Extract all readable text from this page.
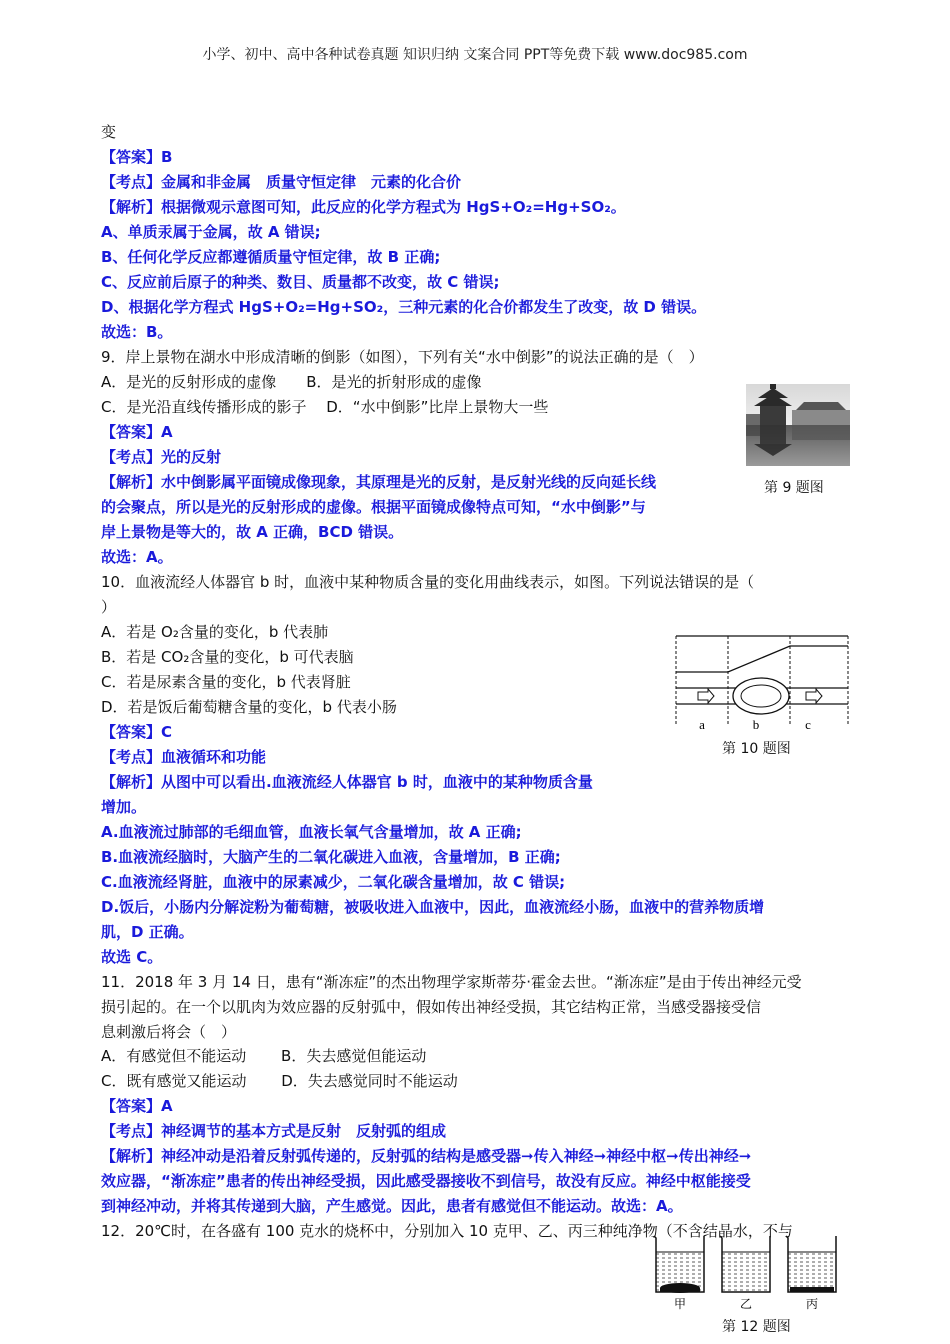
小学、初中、高中各种试卷真题 知识归纳 文案合同 PPT等免费下载 www.doc985.com
变
【答案】B
【考点】金属和非金属　质量守恒定律　元素的化合价
【解析】根据微观示意图可知，此反应的化学方程式为 HgS+O₂=Hg+SO₂。
A、单质汞属于金属，故 A 错误;
B、任何化学反应都遵循质量守恒定律，故 B 正确;
C、反应前后原子的种类、数目、质量都不改变，故 C 错误;
D、根据化学方程式 HgS+O₂=Hg+SO₂，三种元素的化合价都发生了改变，故 D 错误。
故选：B。
9．岸上景物在湖水中形成清晰的倒影（如图），下列有关“水中倒影”的说法正确的是（　）
A．是光的反射形成的虚像　　B．是光的折射形成的虚像
C．是光沿直线传播形成的影子　 D．“水中倒影”比岸上景物大一些
【答案】A
【考点】光的反射
【解析】水中倒影属平面镜成像现象，其原理是光的反射，是反射光线的反向延长线
的会聚点，所以是光的反射形成的虚像。根据平面镜成像特点可知，“水中倒影”与
岸上景物是等大的，故 A 正确，BCD 错误。
故选：A。
10．血液流经人体器官 b 时，血液中某种物质含量的变化用曲线表示，如图。下列说法错误的是（
）
A．若是 O₂含量的变化，b 代表肺
B．若是 CO₂含量的变化，b 可代表脑
C．若是尿素含量的变化，b 代表肾脏
D．若是饭后葡萄糖含量的变化，b 代表小肠
【答案】C
【考点】血液循环和功能
【解析】从图中可以看出.血液流经人体器官 b 时，血液中的某种物质含量
增加。
A.血液流过肺部的毛细血管，血液长氧气含量增加，故 A 正确;
B.血液流经脑时，大脑产生的二氧化碳进入血液，含量增加，B 正确;
C.血液流经肾脏，血液中的尿素减少，二氧化碳含量增加，故 C 错误;
D.饭后，小肠内分解淀粉为葡萄糖，被吸收进入血液中，因此，血液流经小肠，血液中的营养物质增
肌，D 正确。
故选 C。
11．2018 年 3 月 14 日，患有“渐冻症”的杰出物理学家斯蒂芬·霍金去世。“渐冻症”是由于传出神经元受
损引起的。在一个以肌肉为效应器的反射弧中，假如传出神经受损，其它结构正常，当感受器接受信
息刺激后将会（　）
A．有感觉但不能运动　　 B．失去感觉但能运动
C．既有感觉又能运动　　 D．失去感觉同时不能运动
【答案】A
【考点】神经调节的基本方式是反射　反射弧的组成
【解析】神经冲动是沿着反射弧传递的，反射弧的结构是感受器➞传入神经➞神经中枢➞传出神经➞
效应器，“渐冻症”患者的传出神经受损，因此感受器接收不到信号，故没有反应。神经中枢能接受
到神经冲动，并将其传递到大脑，产生感觉。因此，患者有感觉但不能运动。故选：A。
12．20℃时，在各盛有 100 克水的烧杯中，分别加入 10 克甲、乙、丙三种纯净物（不含结晶水，不与
第 9 题图
a	b	c
第 10 题图
甲	乙	丙
第 12 题图
